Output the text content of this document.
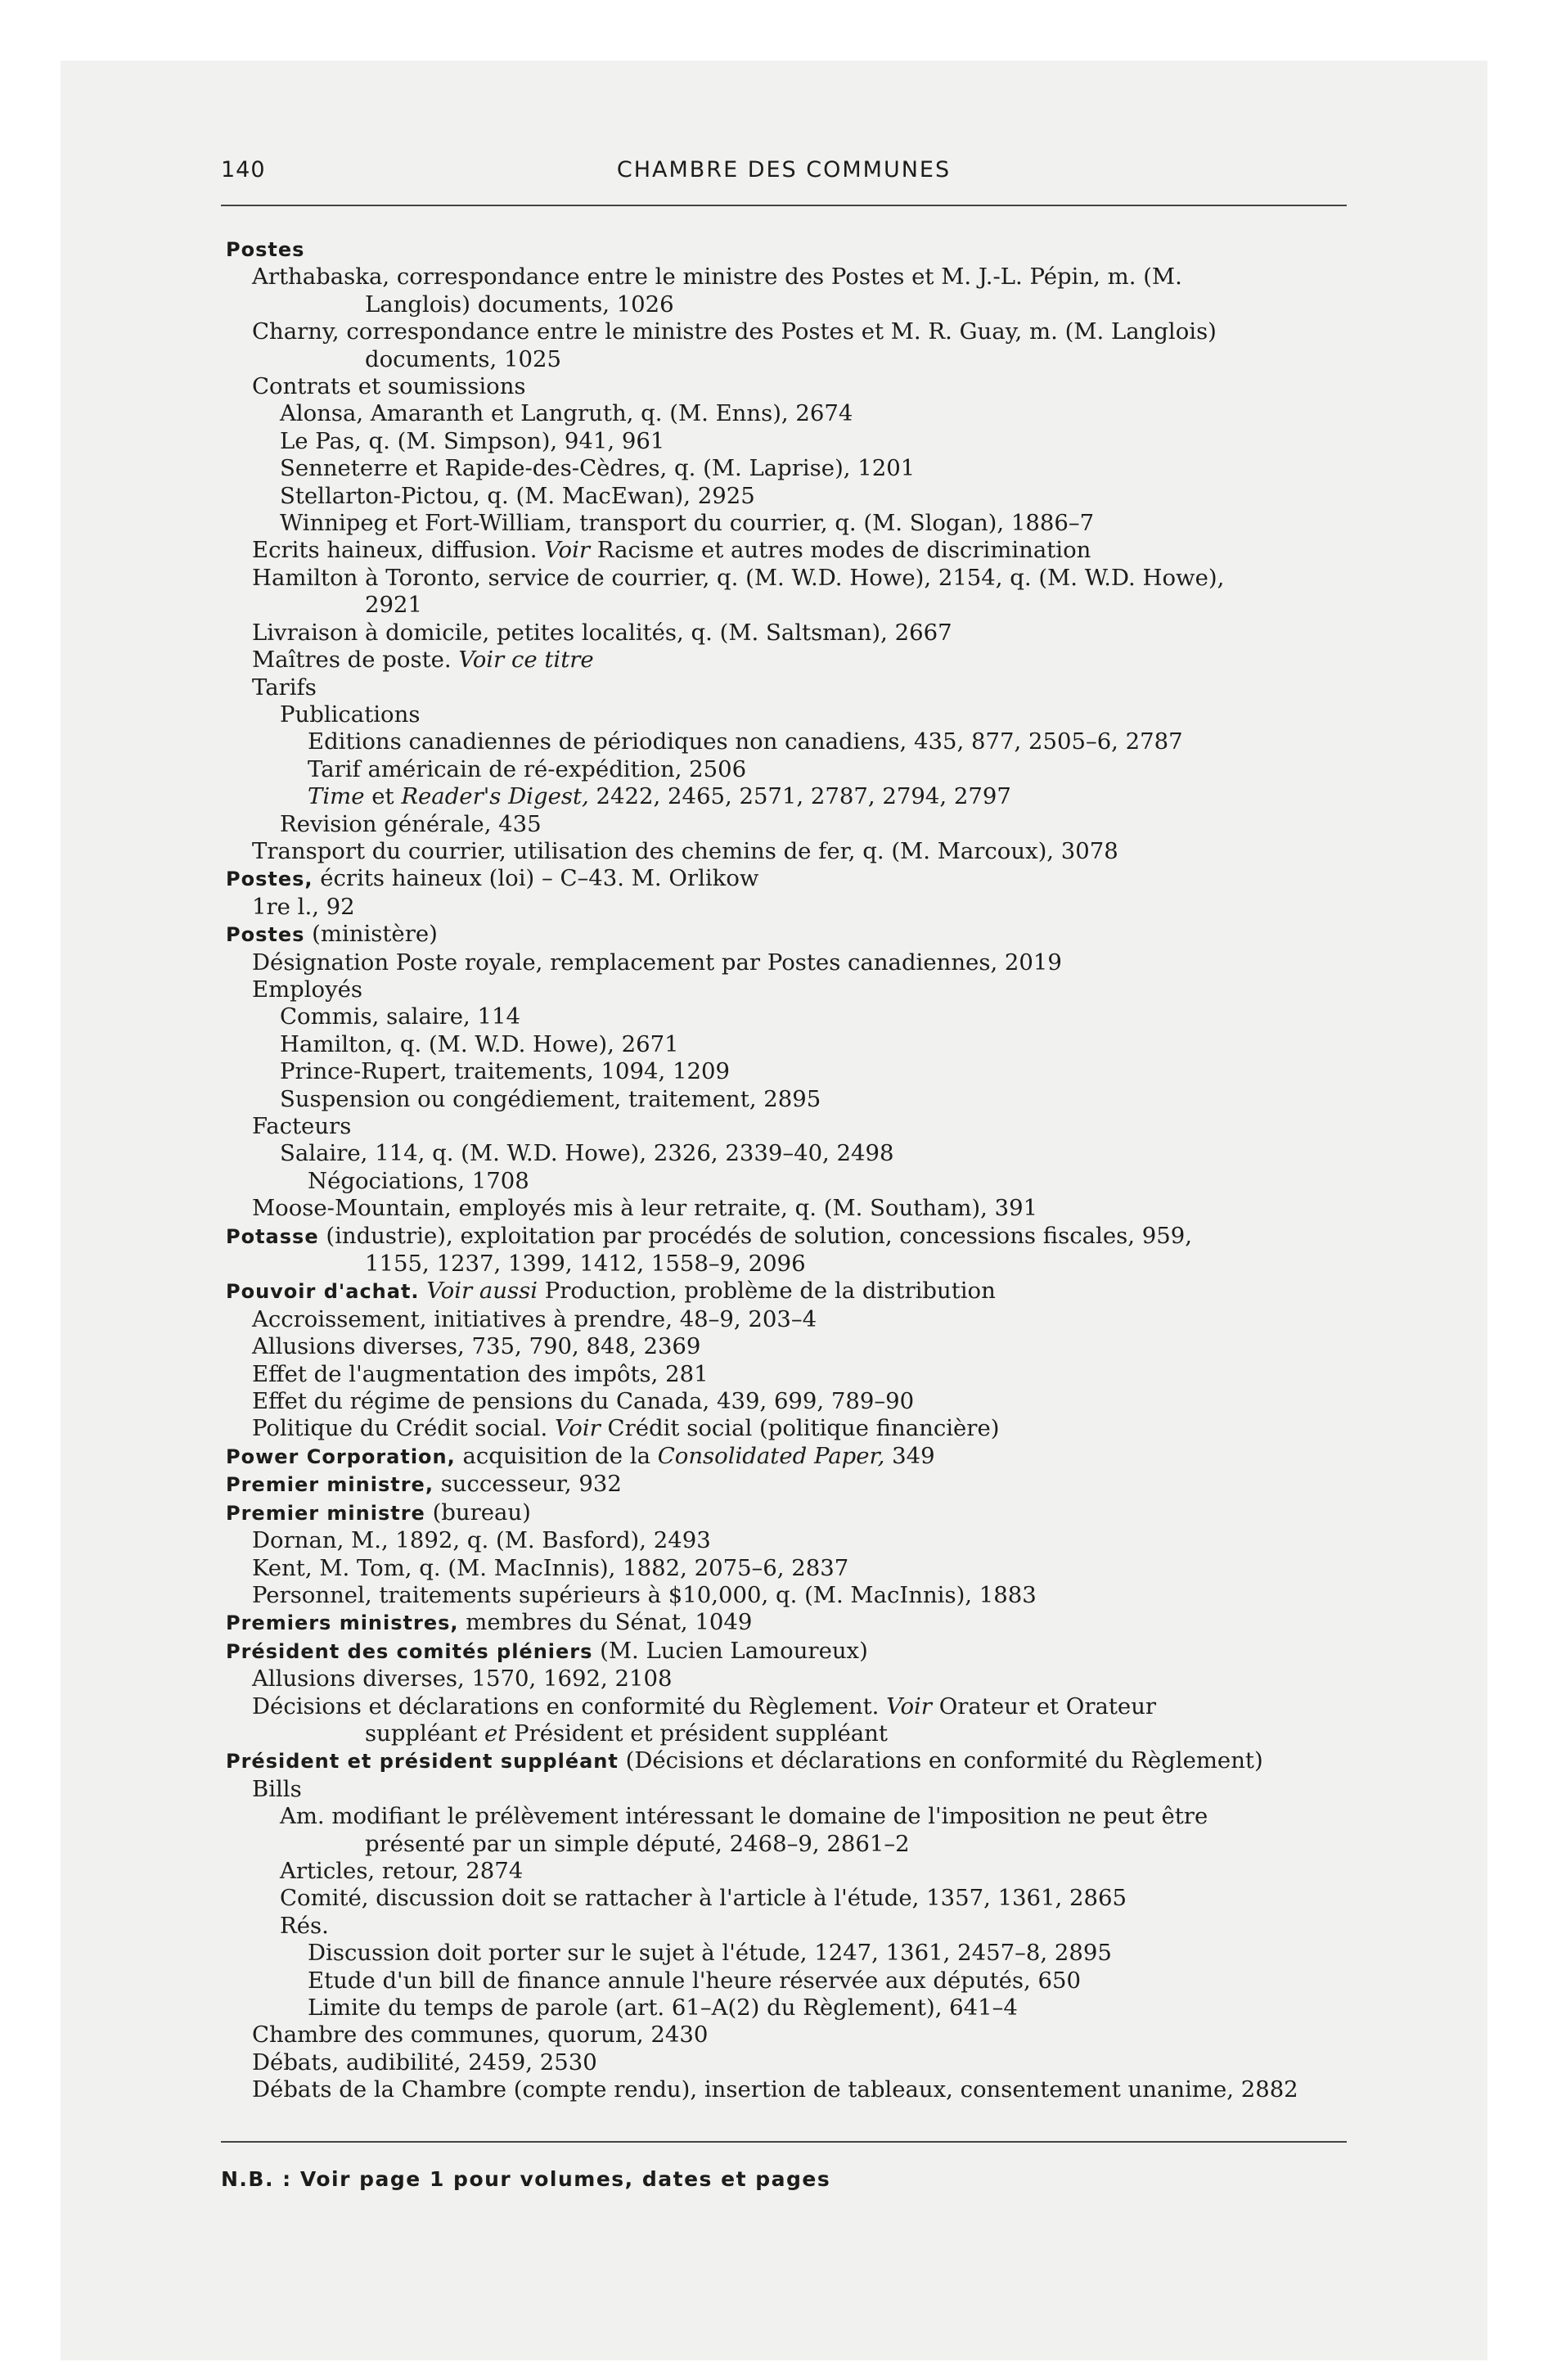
140	CHAMBRE DES COMMUNES
Postes
Arthabaska, correspondance entre le ministre des Postes et M. J.-L. Pépin, m. (M.
Langlois) documents, 1026
Charny, correspondance entre le ministre des Postes et M. R. Guay, m. (M. Langlois)
documents, 1025
Contrats et soumissions
Alonsa, Amaranth et Langruth, q. (M. Enns), 2674
Le Pas, q. (M. Simpson), 941, 961
Senneterre et Rapide-des-Cèdres, q. (M. Laprise), 1201
Stellarton-Pictou, q. (M. MacEwan), 2925
Winnipeg et Fort-William, transport du courrier, q. (M. Slogan), 1886–7
Ecrits haineux, diffusion. Voir Racisme et autres modes de discrimination
Hamilton à Toronto, service de courrier, q. (M. W.D. Howe), 2154, q. (M. W.D. Howe),
2921
Livraison à domicile, petites localités, q. (M. Saltsman), 2667
Maîtres de poste. Voir ce titre
Tarifs
Publications
Editions canadiennes de périodiques non canadiens, 435, 877, 2505–6, 2787
Tarif américain de ré-expédition, 2506
Time et Reader's Digest, 2422, 2465, 2571, 2787, 2794, 2797
Revision générale, 435
Transport du courrier, utilisation des chemins de fer, q. (M. Marcoux), 3078
Postes, écrits haineux (loi) – C–43. M. Orlikow
1re l., 92
Postes (ministère)
Désignation Poste royale, remplacement par Postes canadiennes, 2019
Employés
Commis, salaire, 114
Hamilton, q. (M. W.D. Howe), 2671
Prince-Rupert, traitements, 1094, 1209
Suspension ou congédiement, traitement, 2895
Facteurs
Salaire, 114, q. (M. W.D. Howe), 2326, 2339–40, 2498
Négociations, 1708
Moose-Mountain, employés mis à leur retraite, q. (M. Southam), 391
Potasse (industrie), exploitation par procédés de solution, concessions fiscales, 959,
1155, 1237, 1399, 1412, 1558–9, 2096
Pouvoir d'achat. Voir aussi Production, problème de la distribution
Accroissement, initiatives à prendre, 48–9, 203–4
Allusions diverses, 735, 790, 848, 2369
Effet de l'augmentation des impôts, 281
Effet du régime de pensions du Canada, 439, 699, 789–90
Politique du Crédit social. Voir Crédit social (politique financière)
Power Corporation, acquisition de la Consolidated Paper, 349
Premier ministre, successeur, 932
Premier ministre (bureau)
Dornan, M., 1892, q. (M. Basford), 2493
Kent, M. Tom, q. (M. MacInnis), 1882, 2075–6, 2837
Personnel, traitements supérieurs à $10,000, q. (M. MacInnis), 1883
Premiers ministres, membres du Sénat, 1049
Président des comités pléniers (M. Lucien Lamoureux)
Allusions diverses, 1570, 1692, 2108
Décisions et déclarations en conformité du Règlement. Voir Orateur et Orateur
suppléant et Président et président suppléant
Président et président suppléant (Décisions et déclarations en conformité du Règlement)
Bills
Am. modifiant le prélèvement intéressant le domaine de l'imposition ne peut être
présenté par un simple député, 2468–9, 2861–2
Articles, retour, 2874
Comité, discussion doit se rattacher à l'article à l'étude, 1357, 1361, 2865
Rés.
Discussion doit porter sur le sujet à l'étude, 1247, 1361, 2457–8, 2895
Etude d'un bill de finance annule l'heure réservée aux députés, 650
Limite du temps de parole (art. 61–A(2) du Règlement), 641–4
Chambre des communes, quorum, 2430
Débats, audibilité, 2459, 2530
Débats de la Chambre (compte rendu), insertion de tableaux, consentement unanime, 2882
N.B. : Voir page 1 pour volumes, dates et pages
